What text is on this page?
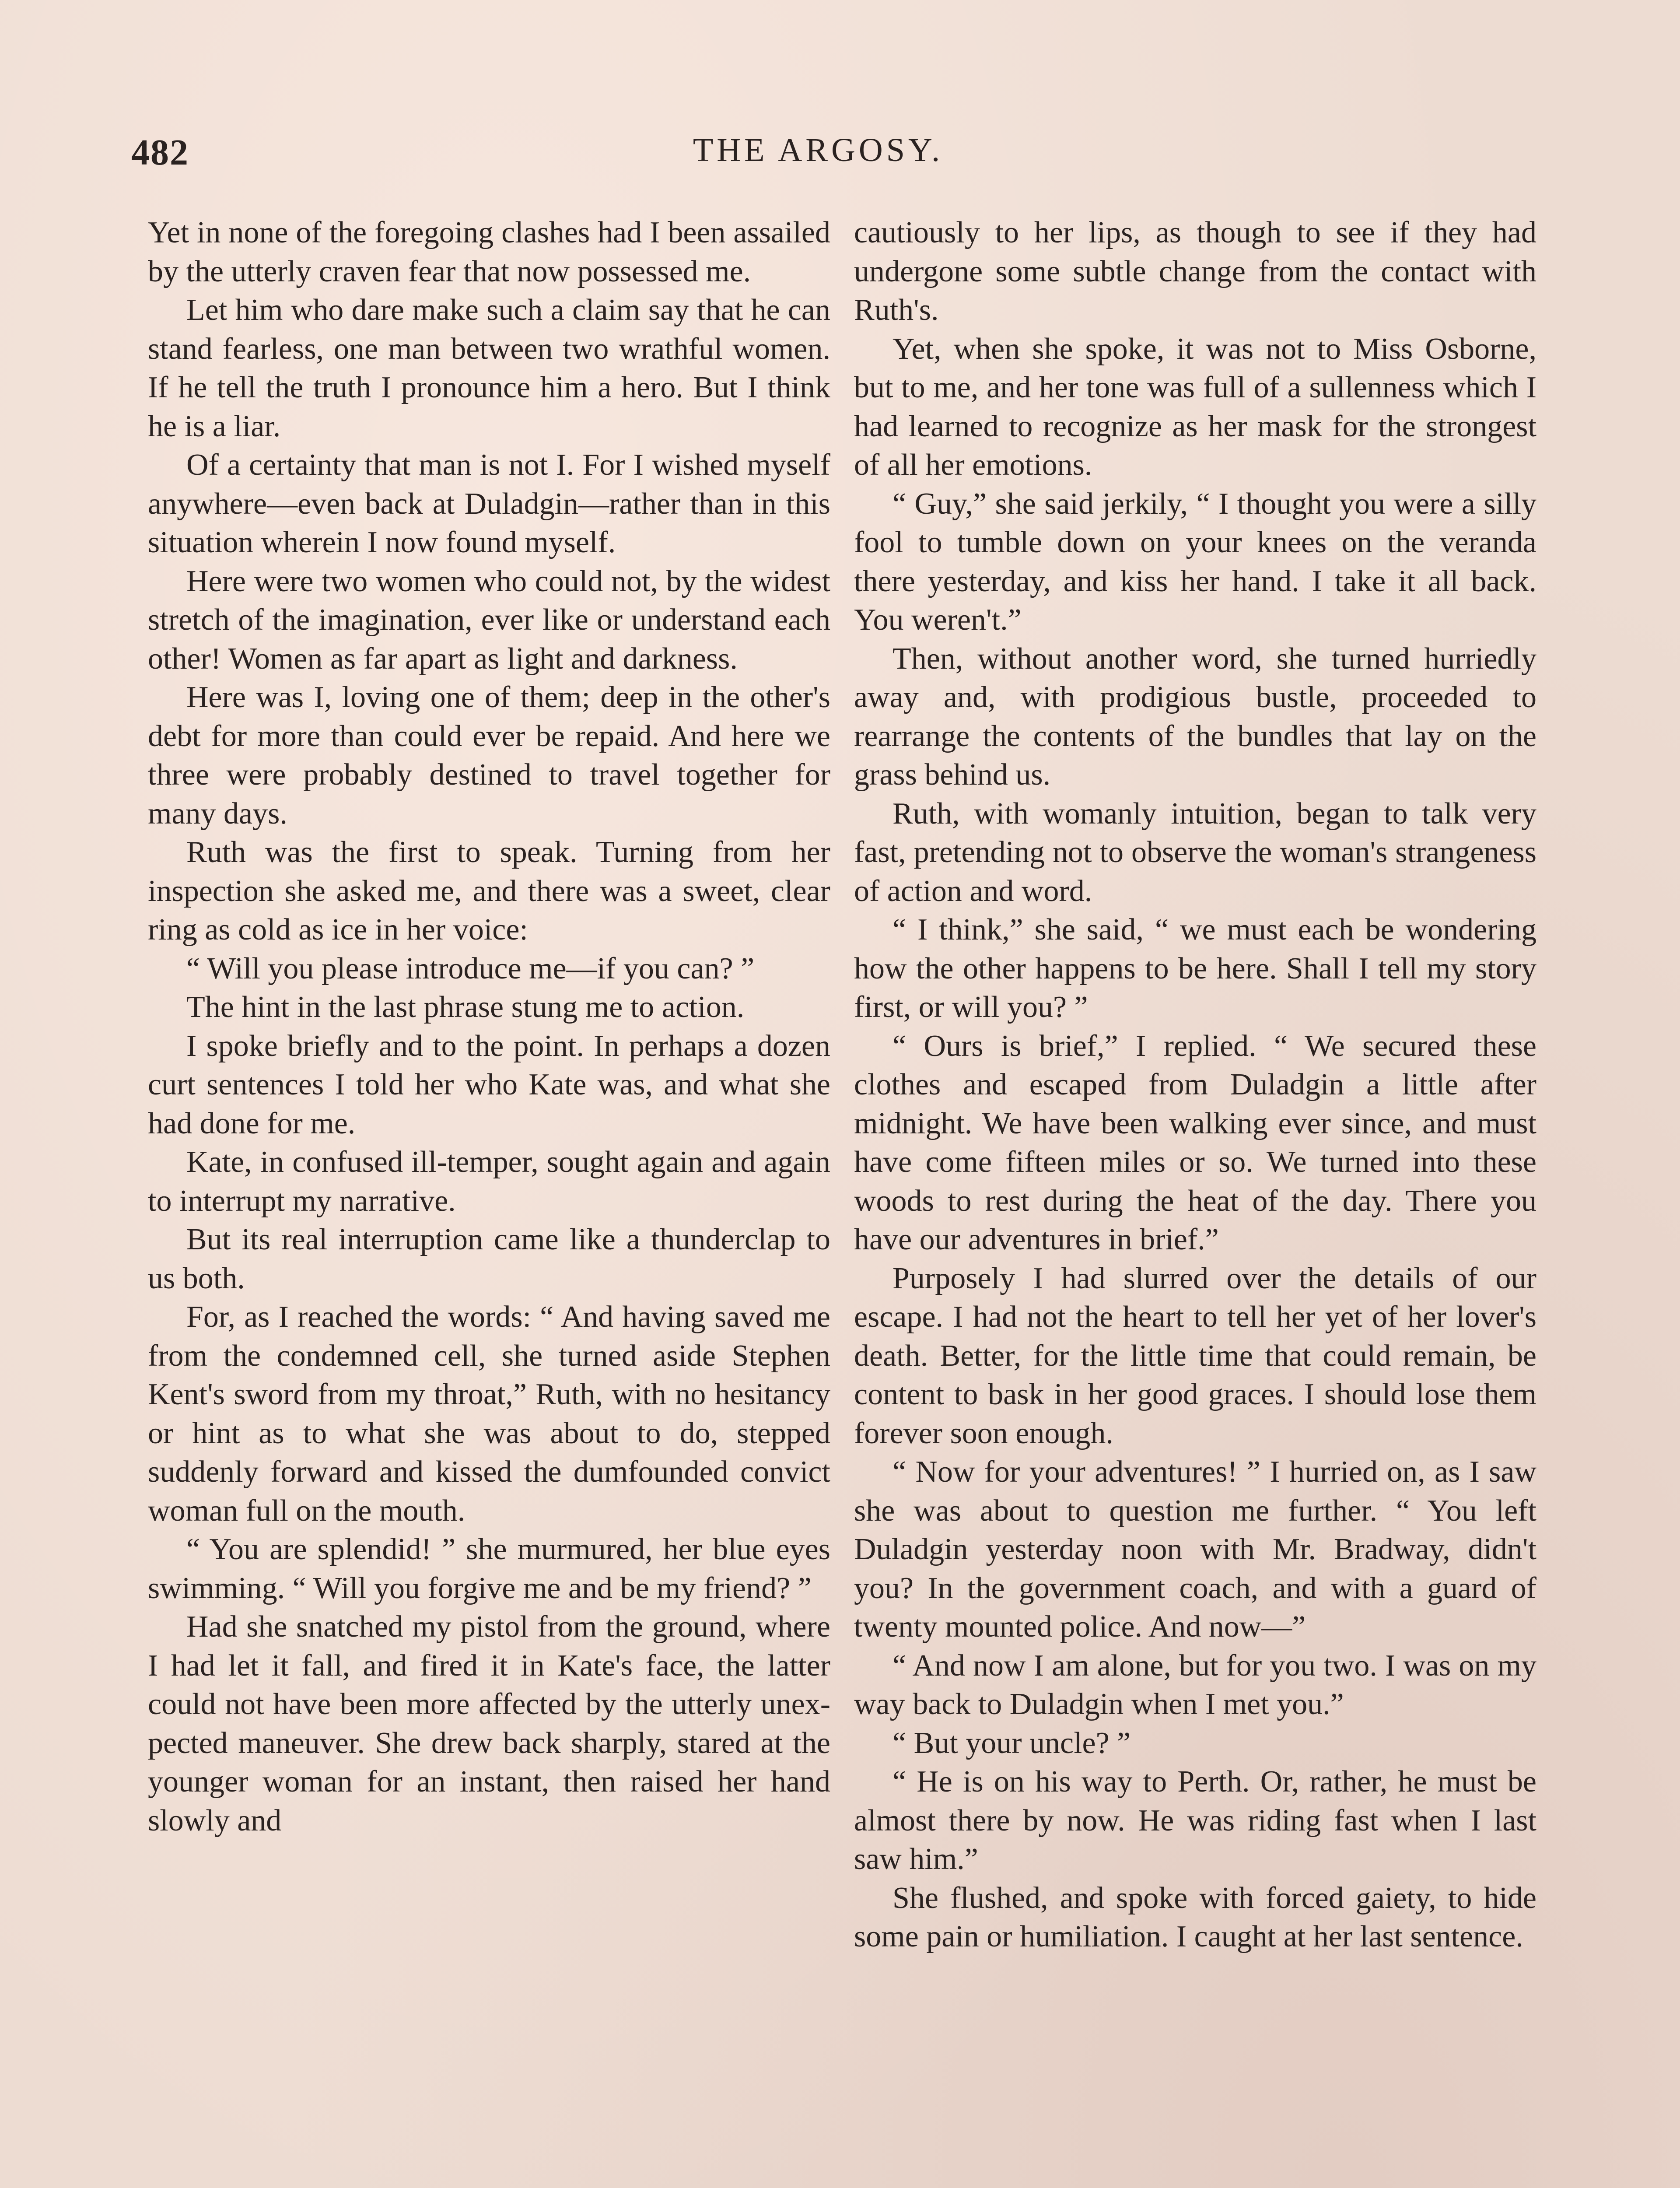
482	THE ARGOSY.

Yet in none of the foregoing clashes had I been assailed by the utterly craven fear that now possessed me.

Let him who dare make such a claim say that he can stand fearless, one man between two wrathful women. If he tell the truth I pronounce him a hero. But I think he is a liar.

Of a certainty that man is not I. For I wished myself anywhere—even back at Duladgin—rather than in this situation wherein I now found myself.

Here were two women who could not, by the widest stretch of the imagination, ever like or understand each other! Women as far apart as light and darkness.

Here was I, loving one of them; deep in the other's debt for more than could ever be repaid. And here we three were probably destined to travel together for many days.

Ruth was the first to speak. Turning from her inspection she asked me, and there was a sweet, clear ring as cold as ice in her voice:

“ Will you please introduce me—if you can? ”

The hint in the last phrase stung me to action.

I spoke briefly and to the point. In perhaps a dozen curt sentences I told her who Kate was, and what she had done for me.

Kate, in confused ill-temper, sought again and again to interrupt my narrative.

But its real interruption came like a thunderclap to us both.

For, as I reached the words: “ And having saved me from the condemned cell, she turned aside Stephen Kent's sword from my throat,” Ruth, with no hesitancy or hint as to what she was about to do, stepped suddenly forward and kissed the dumfounded convict woman full on the mouth.

“ You are splendid! ” she murmured, her blue eyes swimming. “ Will you forgive me and be my friend? ”

Had she snatched my pistol from the ground, where I had let it fall, and fired it in Kate's face, the latter could not have been more affected by the utterly unexpected maneuver. She drew back sharply, stared at the younger woman for an instant, then raised her hand slowly and

cautiously to her lips, as though to see if they had undergone some subtle change from the contact with Ruth's.

Yet, when she spoke, it was not to Miss Osborne, but to me, and her tone was full of a sullenness which I had learned to recognize as her mask for the strongest of all her emotions.

“ Guy,” she said jerkily, “ I thought you were a silly fool to tumble down on your knees on the veranda there yesterday, and kiss her hand. I take it all back. You weren't.”

Then, without another word, she turned hurriedly away and, with prodigious bustle, proceeded to rearrange the contents of the bundles that lay on the grass behind us.

Ruth, with womanly intuition, began to talk very fast, pretending not to observe the woman's strangeness of action and word.

“ I think,” she said, “ we must each be wondering how the other happens to be here. Shall I tell my story first, or will you? ”

“ Ours is brief,” I replied. “ We secured these clothes and escaped from Duladgin a little after midnight. We have been walking ever since, and must have come fifteen miles or so. We turned into these woods to rest during the heat of the day. There you have our adventures in brief.”

Purposely I had slurred over the details of our escape. I had not the heart to tell her yet of her lover's death. Better, for the little time that could remain, be content to bask in her good graces. I should lose them forever soon enough.

“ Now for your adventures! ” I hurried on, as I saw she was about to question me further. “ You left Duladgin yesterday noon with Mr. Bradway, didn't you? In the government coach, and with a guard of twenty mounted police. And now—”

“ And now I am alone, but for you two. I was on my way back to Duladgin when I met you.”

“ But your uncle? ”

“ He is on his way to Perth. Or, rather, he must be almost there by now. He was riding fast when I last saw him.”

She flushed, and spoke with forced gaiety, to hide some pain or humiliation. I caught at her last sentence.
